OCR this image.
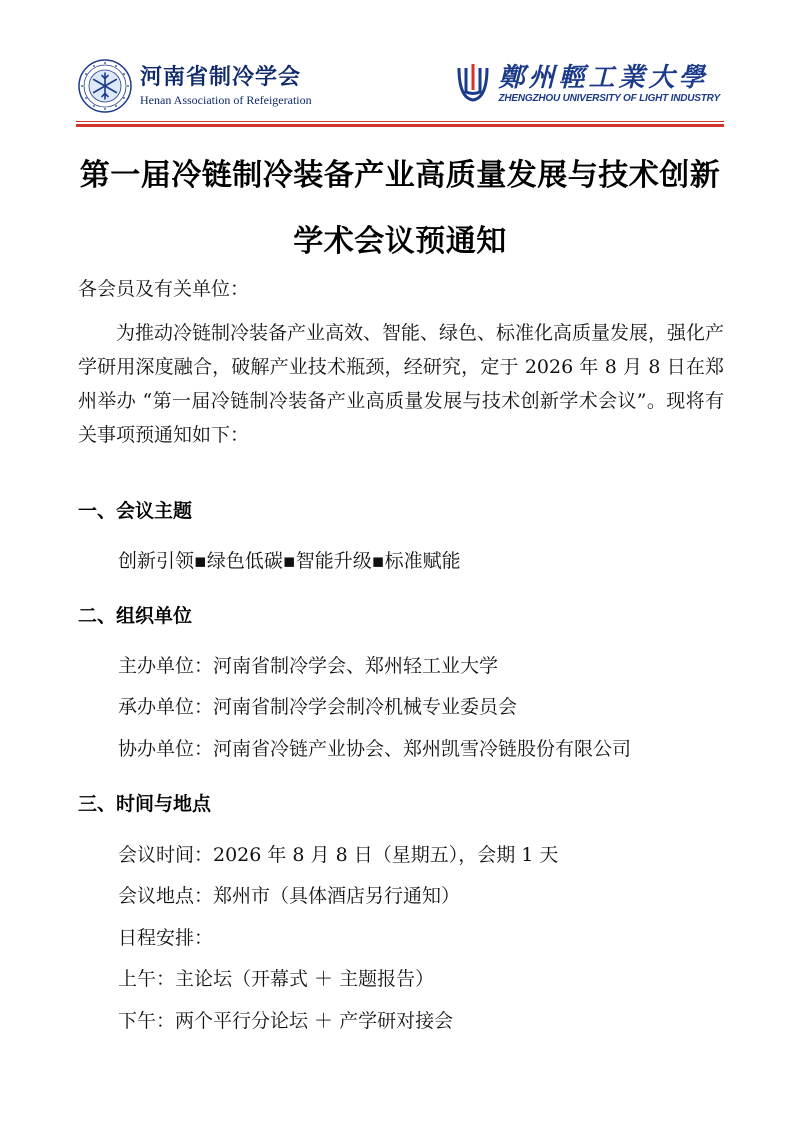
河南省制冷学会
Henan Association of Refeigeration
鄭州輕工業大學
ZHENGZHOU UNIVERSITY OF LIGHT INDUSTRY
第一届冷链制冷装备产业高质量发展与技术创新
学术会议预通知
各会员及有关单位：
为推动冷链制冷装备产业高效、智能、绿色、标准化高质量发展，强化产学研用深度融合，破解产业技术瓶颈，经研究，定于 2026 年 8 月 8 日在郑州举办 “第一届冷链制冷装备产业高质量发展与技术创新学术会议”。现将有关事项预通知如下：
一、会议主题
创新引领▪绿色低碳▪智能升级▪标准赋能
二、组织单位
主办单位：河南省制冷学会、郑州轻工业大学
承办单位：河南省制冷学会制冷机械专业委员会
协办单位：河南省冷链产业协会、郑州凯雪冷链股份有限公司
三、时间与地点
会议时间：2026 年 8 月 8 日（星期五），会期 1 天
会议地点：郑州市（具体酒店另行通知）
日程安排：
上午：主论坛（开幕式 ＋ 主题报告）
下午：两个平行分论坛 ＋ 产学研对接会
